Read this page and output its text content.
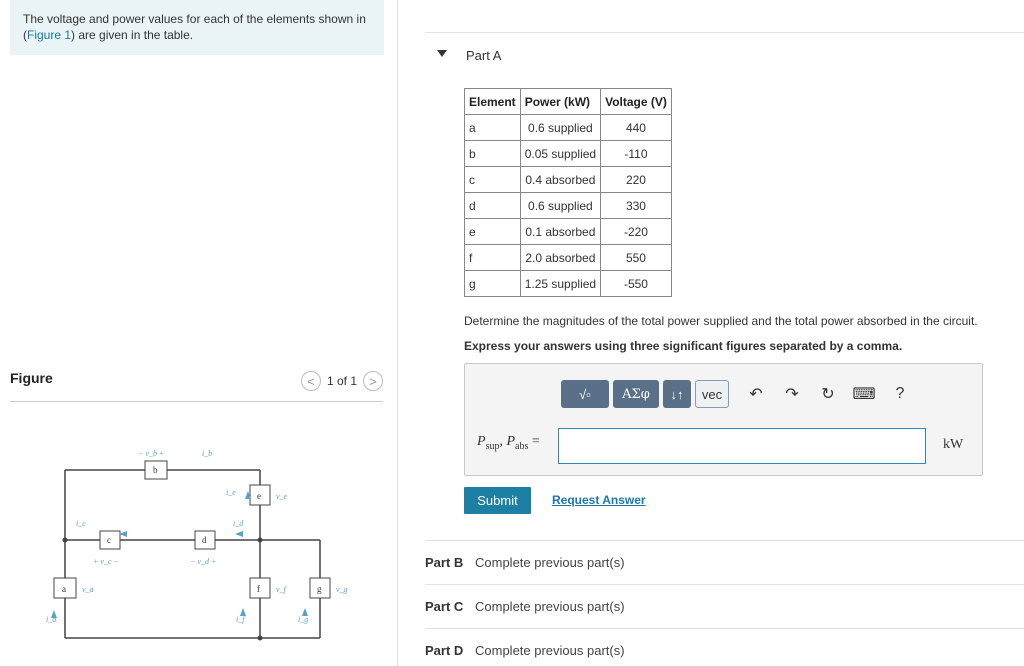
The voltage and power values for each of the elements shown in (Figure 1) are given in the table.
Figure	<	1 of 1 >
b
c	d
e
a	f	g
− v_b +	i_b
i_c
+ v_c −
i_d
− v_d +
i_e	v_e
v_a
i_a
v_f
i_f
v_g
i_g
Part A
Element	Power (kW)	Voltage (V)
a	0.6 supplied	440
b	0.05 supplied	-110
c	0.4 absorbed	220
d	0.6 supplied	330
e	0.1 absorbed	-220
f	2.0 absorbed	550
g	1.25 supplied	-550
Determine the magnitudes of the total power supplied and the total power absorbed in the circuit.
Express your answers using three significant figures separated by a comma.
√▫	ΑΣφ	↓↑	vec	↶	↷	↻	⌨	?
$P_{sup}$, $P_{abs}$ =	kW
Submit	Request Answer
Part B Complete previous part(s)
Part C Complete previous part(s)
Part D Complete previous part(s)
